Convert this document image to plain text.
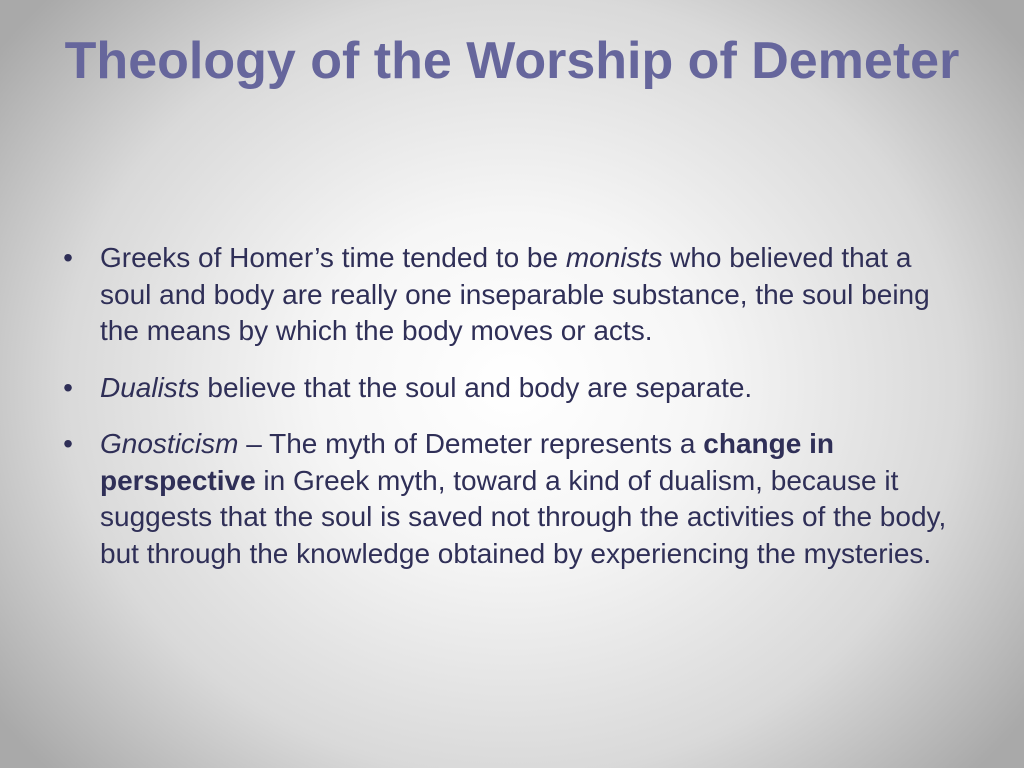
Theology of the Worship of Demeter
• Greeks of Homer’s time tended to be monists who believed that a soul and body are really one inseparable substance, the soul being the means by which the body moves or acts.
• Dualists believe that the soul and body are separate.
• Gnosticism – The myth of Demeter represents a change in perspective in Greek myth, toward a kind of dualism, because it suggests that the soul is saved not through the activities of the body, but through the knowledge obtained by experiencing the mysteries.
